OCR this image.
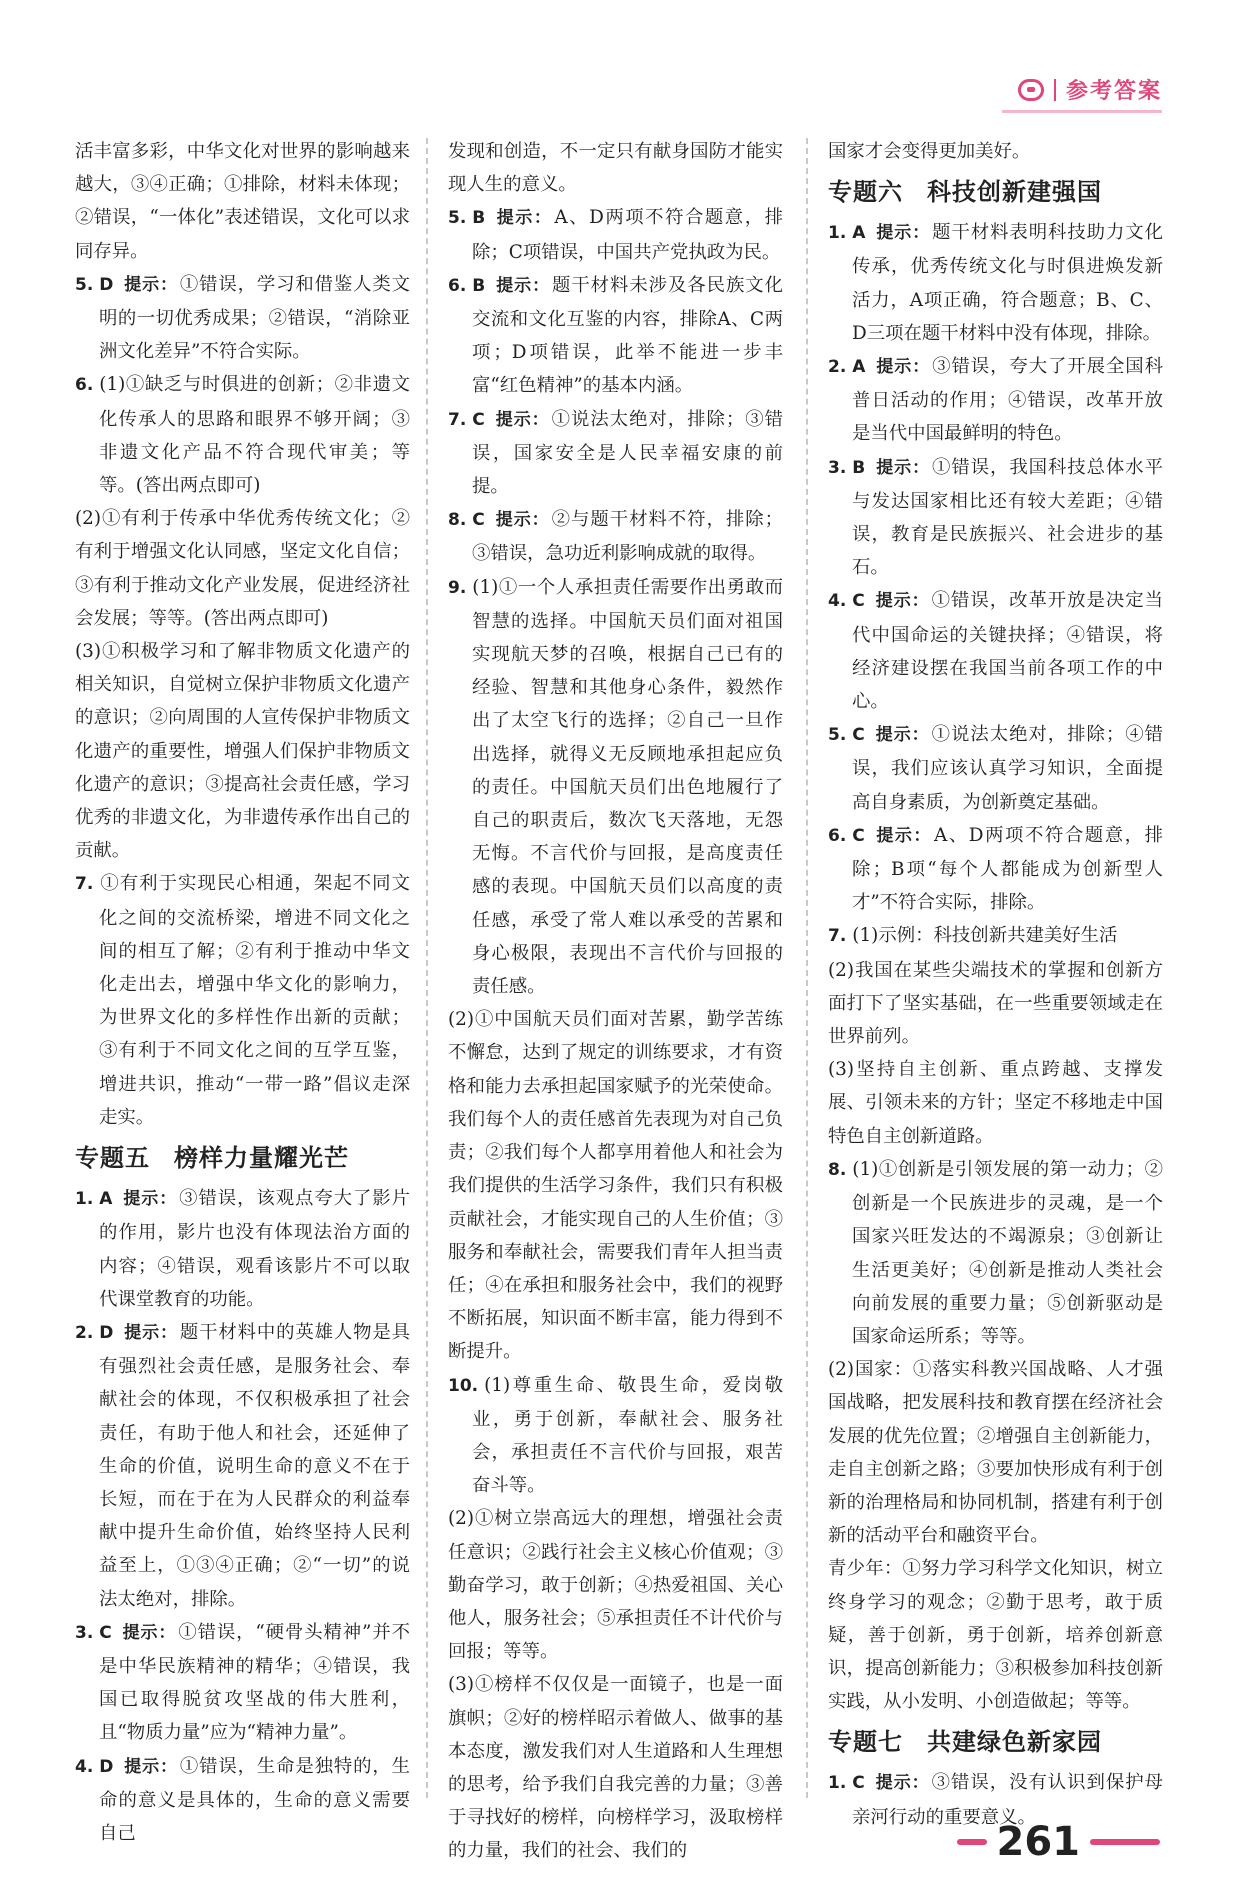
参考答案

活丰富多彩，中华文化对世界的影响越来越大，③④正确；①排除，材料未体现；②错误，“一体化”表述错误，文化可以求同存异。

5. D 提示： ①错误，学习和借鉴人类文明的一切优秀成果；②错误，“消除亚洲文化差异”不符合实际。

6. (1)①缺乏与时俱进的创新；②非遗文化传承人的思路和眼界不够开阔；③非遗文化产品不符合现代审美；等等。(答出两点即可)

(2)①有利于传承中华优秀传统文化；②有利于增强文化认同感，坚定文化自信；③有利于推动文化产业发展，促进经济社会发展；等等。(答出两点即可)

(3)①积极学习和了解非物质文化遗产的相关知识，自觉树立保护非物质文化遗产的意识；②向周围的人宣传保护非物质文化遗产的重要性，增强人们保护非物质文化遗产的意识；③提高社会责任感，学习优秀的非遗文化，为非遗传承作出自己的贡献。

7. ①有利于实现民心相通，架起不同文化之间的交流桥梁，增进不同文化之间的相互了解；②有利于推动中华文化走出去，增强中华文化的影响力，为世界文化的多样性作出新的贡献；③有利于不同文化之间的互学互鉴，增进共识，推动“一带一路”倡议走深走实。

专题五 榜样力量耀光芒

1. A 提示： ③错误，该观点夸大了影片的作用，影片也没有体现法治方面的内容；④错误，观看该影片不可以取代课堂教育的功能。

2. D 提示： 题干材料中的英雄人物是具有强烈社会责任感，是服务社会、奉献社会的体现，不仅积极承担了社会责任，有助于他人和社会，还延伸了生命的价值，说明生命的意义不在于长短，而在于在为人民群众的利益奉献中提升生命价值，始终坚持人民利益至上，①③④正确；②“一切”的说法太绝对，排除。

3. C 提示： ①错误，“硬骨头精神”并不是中华民族精神的精华；④错误，我国已取得脱贫攻坚战的伟大胜利，且“物质力量”应为“精神力量”。

4. D 提示： ①错误，生命是独特的，生命的意义是具体的，生命的意义需要自己

发现和创造，不一定只有献身国防才能实现人生的意义。

5. B 提示： A、D两项不符合题意，排除；C项错误，中国共产党执政为民。

6. B 提示： 题干材料未涉及各民族文化交流和文化互鉴的内容，排除A、C两项；D项错误，此举不能进一步丰富“红色精神”的基本内涵。

7. C 提示： ①说法太绝对，排除；③错误，国家安全是人民幸福安康的前提。

8. C 提示： ②与题干材料不符，排除；③错误，急功近利影响成就的取得。

9. (1)①一个人承担责任需要作出勇敢而智慧的选择。中国航天员们面对祖国实现航天梦的召唤，根据自己已有的经验、智慧和其他身心条件，毅然作出了太空飞行的选择；②自己一旦作出选择，就得义无反顾地承担起应负的责任。中国航天员们出色地履行了自己的职责后，数次飞天落地，无怨无悔。不言代价与回报，是高度责任感的表现。中国航天员们以高度的责任感，承受了常人难以承受的苦累和身心极限，表现出不言代价与回报的责任感。

(2)①中国航天员们面对苦累，勤学苦练不懈怠，达到了规定的训练要求，才有资格和能力去承担起国家赋予的光荣使命。我们每个人的责任感首先表现为对自己负责；②我们每个人都享用着他人和社会为我们提供的生活学习条件，我们只有积极贡献社会，才能实现自己的人生价值；③服务和奉献社会，需要我们青年人担当责任；④在承担和服务社会中，我们的视野不断拓展，知识面不断丰富，能力得到不断提升。

10. (1)尊重生命、敬畏生命，爱岗敬业，勇于创新，奉献社会、服务社会，承担责任不言代价与回报，艰苦奋斗等。

(2)①树立崇高远大的理想，增强社会责任意识；②践行社会主义核心价值观；③勤奋学习，敢于创新；④热爱祖国、关心他人，服务社会；⑤承担责任不计代价与回报；等等。

(3)①榜样不仅仅是一面镜子，也是一面旗帜；②好的榜样昭示着做人、做事的基本态度，激发我们对人生道路和人生理想的思考，给予我们自我完善的力量；③善于寻找好的榜样，向榜样学习，汲取榜样的力量，我们的社会、我们的

国家才会变得更加美好。

专题六 科技创新建强国

1. A 提示： 题干材料表明科技助力文化传承，优秀传统文化与时俱进焕发新活力，A项正确，符合题意；B、C、D三项在题干材料中没有体现，排除。

2. A 提示： ③错误，夸大了开展全国科普日活动的作用；④错误，改革开放是当代中国最鲜明的特色。

3. B 提示： ①错误，我国科技总体水平与发达国家相比还有较大差距；④错误，教育是民族振兴、社会进步的基石。

4. C 提示： ①错误，改革开放是决定当代中国命运的关键抉择；④错误，将经济建设摆在我国当前各项工作的中心。

5. C 提示： ①说法太绝对，排除；④错误，我们应该认真学习知识，全面提高自身素质，为创新奠定基础。

6. C 提示： A、D两项不符合题意，排除；B项“每个人都能成为创新型人才”不符合实际，排除。

7. (1)示例：科技创新共建美好生活

(2)我国在某些尖端技术的掌握和创新方面打下了坚实基础，在一些重要领域走在世界前列。

(3)坚持自主创新、重点跨越、支撑发展、引领未来的方针；坚定不移地走中国特色自主创新道路。

8. (1)①创新是引领发展的第一动力；②创新是一个民族进步的灵魂，是一个国家兴旺发达的不竭源泉；③创新让生活更美好；④创新是推动人类社会向前发展的重要力量；⑤创新驱动是国家命运所系；等等。

(2)国家：①落实科教兴国战略、人才强国战略，把发展科技和教育摆在经济社会发展的优先位置；②增强自主创新能力，走自主创新之路；③要加快形成有利于创新的治理格局和协同机制，搭建有利于创新的活动平台和融资平台。

青少年：①努力学习科学文化知识，树立终身学习的观念；②勤于思考，敢于质疑，善于创新，勇于创新，培养创新意识，提高创新能力；③积极参加科技创新实践，从小发明、小创造做起；等等。

专题七 共建绿色新家园

1. C 提示： ③错误，没有认识到保护母亲河行动的重要意义。

261
